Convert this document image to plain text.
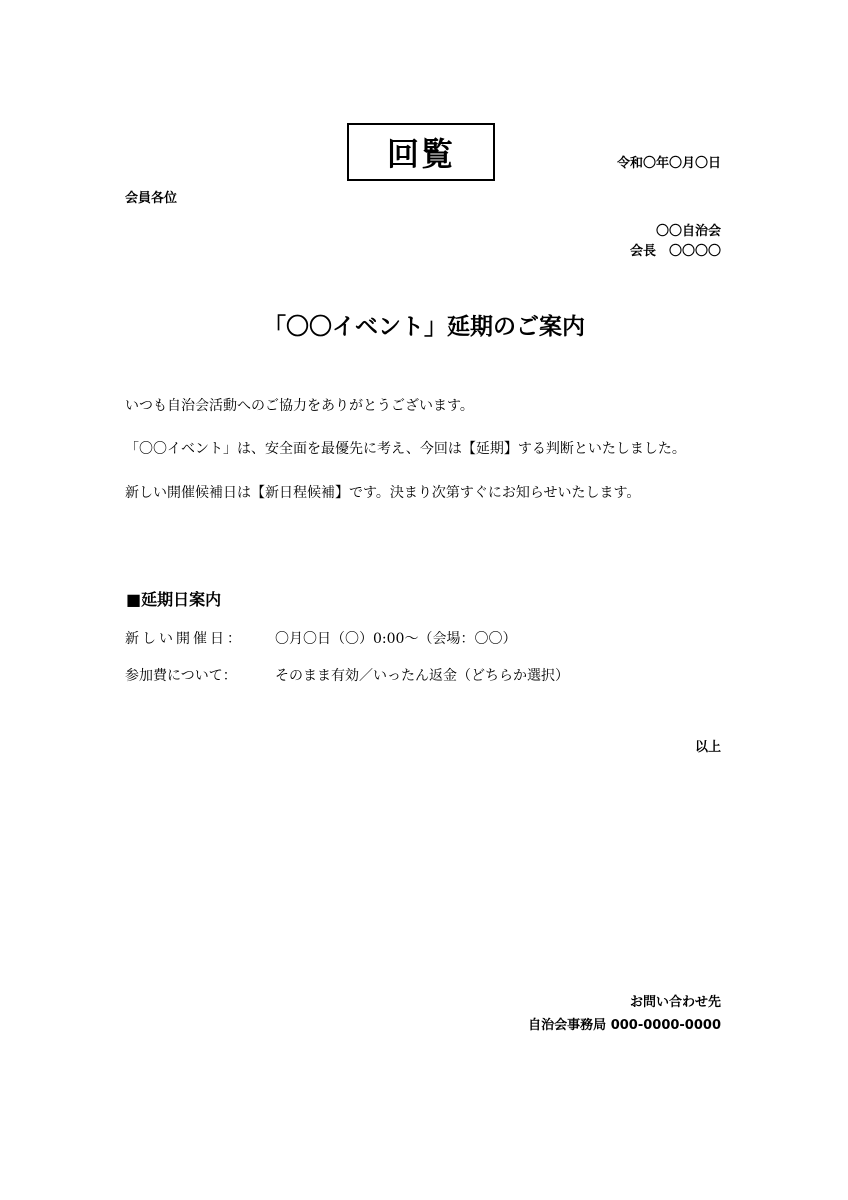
回覧	令和〇年〇月〇日
会員各位
〇〇自治会
会長　〇〇〇〇
「〇〇イベント」延期のご案内
いつも自治会活動へのご協力をありがとうございます。
「〇〇イベント」は、安全面を最優先に考え、今回は【延期】する判断といたしました。
新しい開催候補日は【新日程候補】です。決まり次第すぐにお知らせいたします。
■延期日案内
新しい開催日： 〇月〇日（〇）0:00～（会場：〇〇）
参加費について：	そのまま有効／いったん返金（どちらか選択）
以上
お問い合わせ先
自治会事務局 000-0000-0000
